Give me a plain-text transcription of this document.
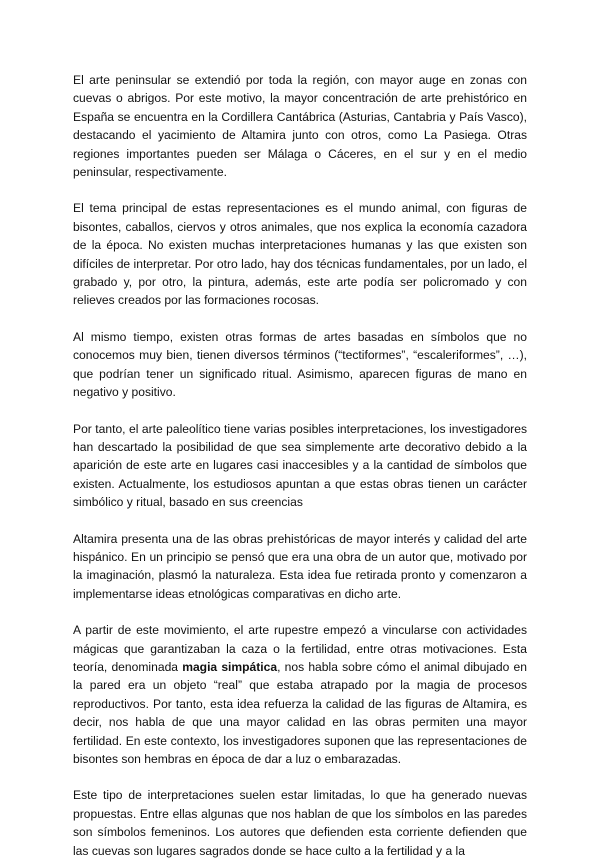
El arte peninsular se extendió por toda la región, con mayor auge en zonas con cuevas o abrigos. Por este motivo, la mayor concentración de arte prehistórico en España se encuentra en la Cordillera Cantábrica (Asturias, Cantabria y País Vasco), destacando el yacimiento de Altamira junto con otros, como La Pasiega. Otras regiones importantes pueden ser Málaga o Cáceres, en el sur y en el medio peninsular, respectivamente.

El tema principal de estas representaciones es el mundo animal, con figuras de bisontes, caballos, ciervos y otros animales, que nos explica la economía cazadora de la época. No existen muchas interpretaciones humanas y las que existen son difíciles de interpretar. Por otro lado, hay dos técnicas fundamentales, por un lado, el grabado y, por otro, la pintura, además, este arte podía ser policromado y con relieves creados por las formaciones rocosas.

Al mismo tiempo, existen otras formas de artes basadas en símbolos que no conocemos muy bien, tienen diversos términos (“tectiformes”, “escaleriformes”, …), que podrían tener un significado ritual. Asimismo, aparecen figuras de mano en negativo y positivo.

Por tanto, el arte paleolítico tiene varias posibles interpretaciones, los investigadores han descartado la posibilidad de que sea simplemente arte decorativo debido a la aparición de este arte en lugares casi inaccesibles y a la cantidad de símbolos que existen. Actualmente, los estudiosos apuntan a que estas obras tienen un carácter simbólico y ritual, basado en sus creencias

Altamira presenta una de las obras prehistóricas de mayor interés y calidad del arte hispánico. En un principio se pensó que era una obra de un autor que, motivado por la imaginación, plasmó la naturaleza. Esta idea fue retirada pronto y comenzaron a implementarse ideas etnológicas comparativas en dicho arte.

A partir de este movimiento, el arte rupestre empezó a vincularse con actividades mágicas que garantizaban la caza o la fertilidad, entre otras motivaciones. Esta teoría, denominada magia simpática, nos habla sobre cómo el animal dibujado en la pared era un objeto “real” que estaba atrapado por la magia de procesos reproductivos. Por tanto, esta idea refuerza la calidad de las figuras de Altamira, es decir, nos habla de que una mayor calidad en las obras permiten una mayor fertilidad. En este contexto, los investigadores suponen que las representaciones de bisontes son hembras en época de dar a luz o embarazadas.

Este tipo de interpretaciones suelen estar limitadas, lo que ha generado nuevas propuestas. Entre ellas algunas que nos hablan de que los símbolos en las paredes son símbolos femeninos. Los autores que defienden esta corriente defienden que las cuevas son lugares sagrados donde se hace culto a la fertilidad y a la
